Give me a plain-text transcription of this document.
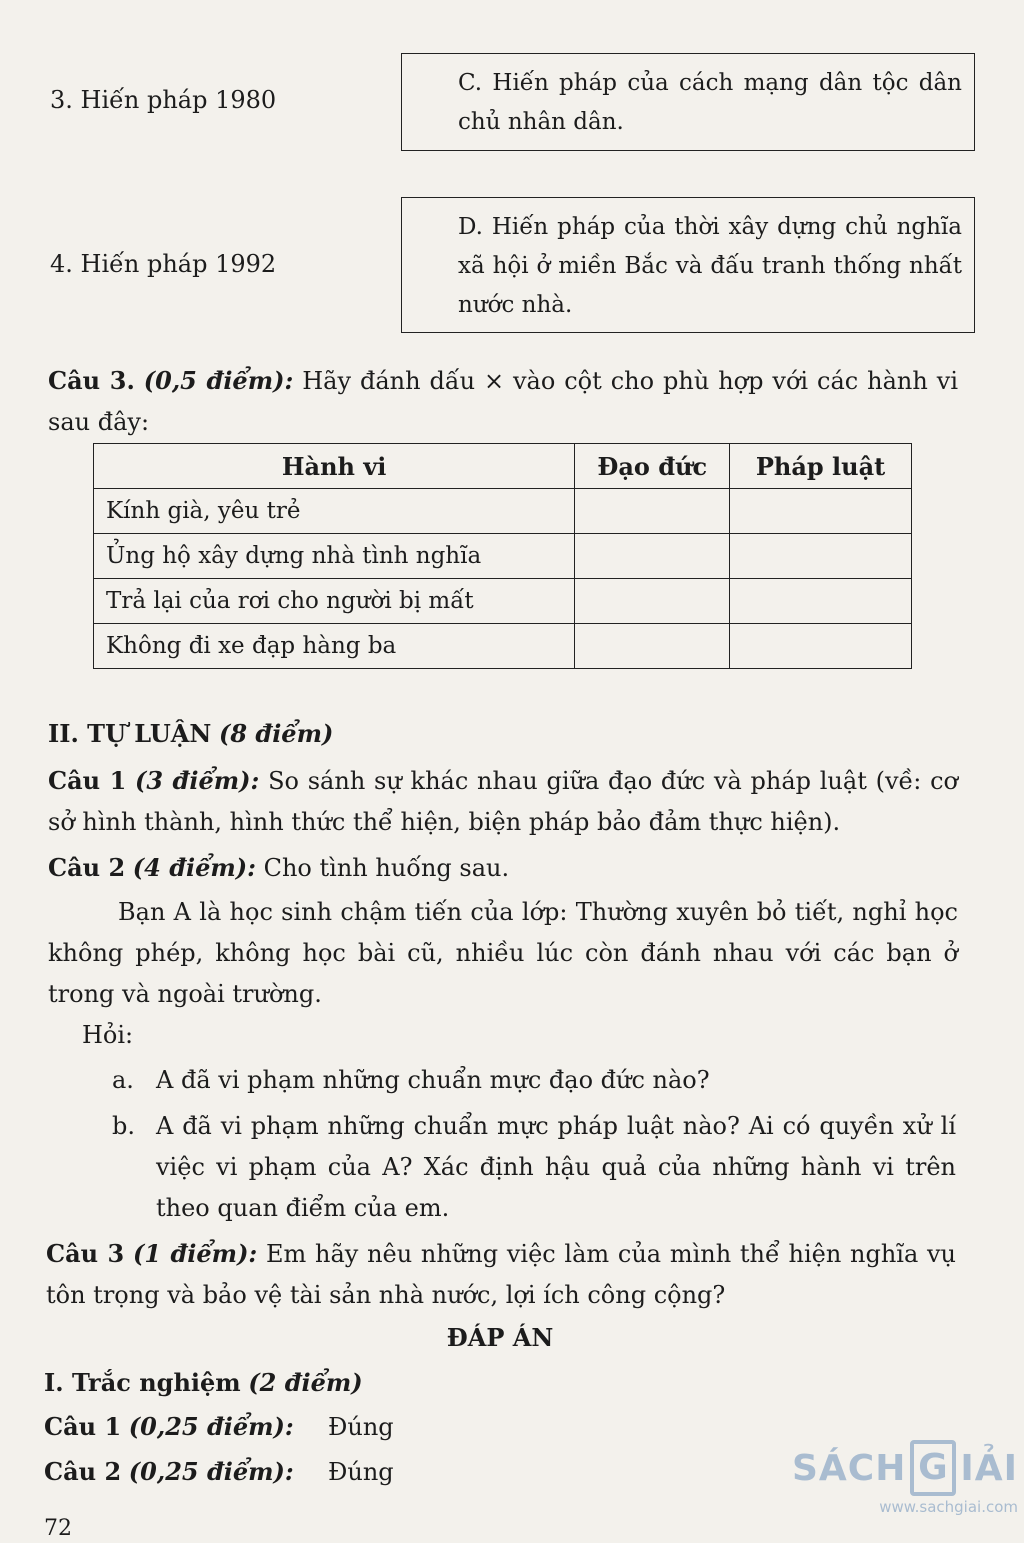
3. Hiến pháp 1980
C. Hiến pháp của cách mạng dân tộc dân chủ nhân dân.
4. Hiến pháp 1992
D. Hiến pháp của thời xây dựng chủ nghĩa xã hội ở miền Bắc và đấu tranh thống nhất nước nhà.
Câu 3. (0,5 điểm): Hãy đánh dấu × vào cột cho phù hợp với các hành vi sau đây:
Hành vi	Đạo đức	Pháp luật
Kính già, yêu trẻ		
Ủng hộ xây dựng nhà tình nghĩa		
Trả lại của rơi cho người bị mất		
Không đi xe đạp hàng ba		
II. TỰ LUẬN (8 điểm)
Câu 1 (3 điểm): So sánh sự khác nhau giữa đạo đức và pháp luật (về: cơ sở hình thành, hình thức thể hiện, biện pháp bảo đảm thực hiện).
Câu 2 (4 điểm): Cho tình huống sau.
Bạn A là học sinh chậm tiến của lớp: Thường xuyên bỏ tiết, nghỉ học không phép, không học bài cũ, nhiều lúc còn đánh nhau với các bạn ở trong và ngoài trường.
Hỏi:
a. A đã vi phạm những chuẩn mực đạo đức nào?
b. A đã vi phạm những chuẩn mực pháp luật nào? Ai có quyền xử lí việc vi phạm của A? Xác định hậu quả của những hành vi trên theo quan điểm của em.
Câu 3 (1 điểm): Em hãy nêu những việc làm của mình thể hiện nghĩa vụ tôn trọng và bảo vệ tài sản nhà nước, lợi ích công cộng?
ĐÁP ÁN
I. Trắc nghiệm (2 điểm)
Câu 1 (0,25 điểm): Đúng
Câu 2 (0,25 điểm): Đúng
72
SÁCH G IẢI
www.sachgiai.com
